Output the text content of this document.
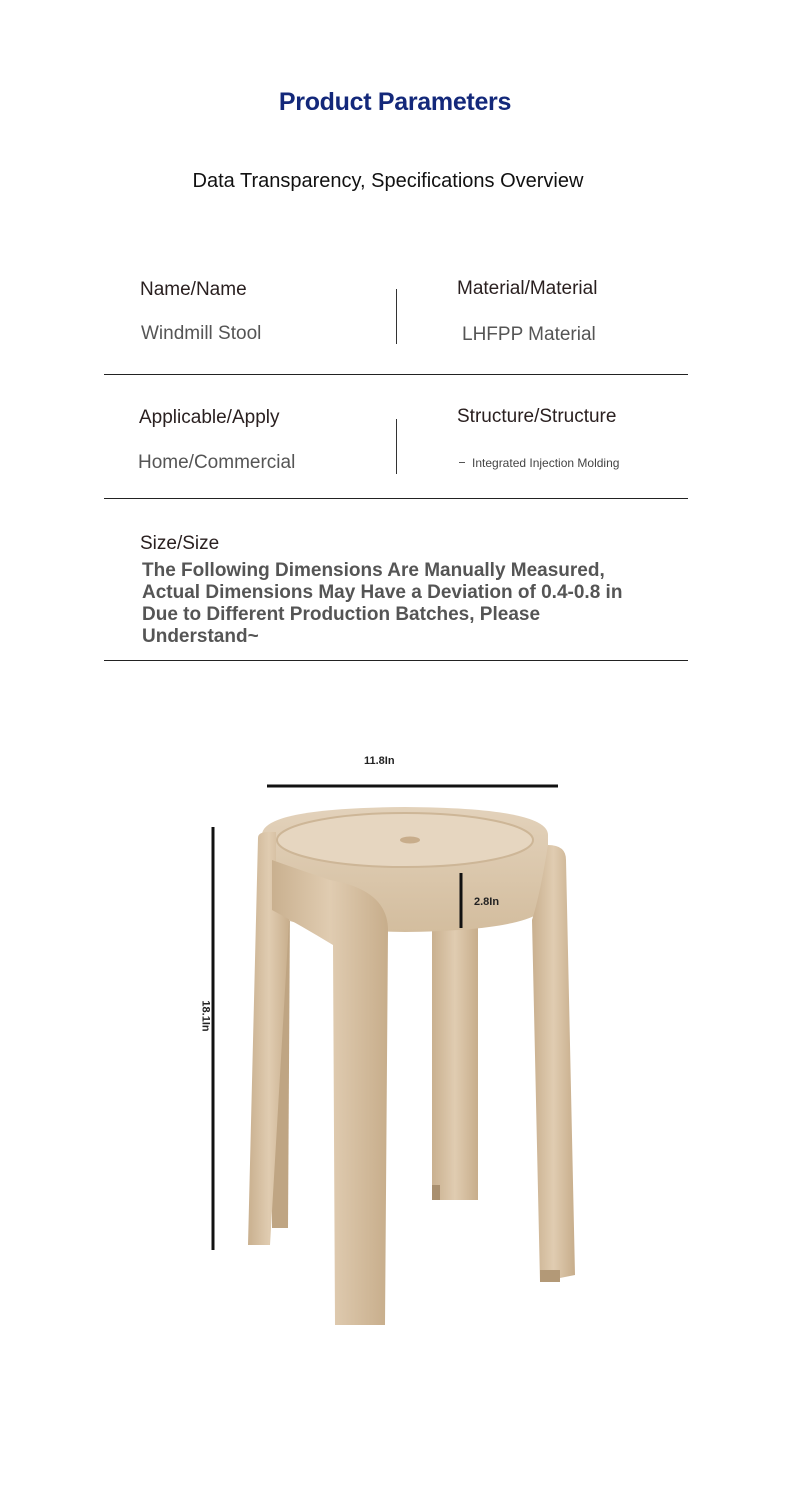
Product Parameters
Data Transparency, Specifications Overview
Name/Name
Windmill Stool
Material/Material
LHFPP Material
Applicable/Apply
Home/Commercial
Structure/Structure
Integrated Injection Molding
Size/Size
The Following Dimensions Are Manually Measured, Actual Dimensions May Have a Deviation of 0.4-0.8 in Due to Different Production Batches, Please Understand~
11.8In
2.8In
18.1In
